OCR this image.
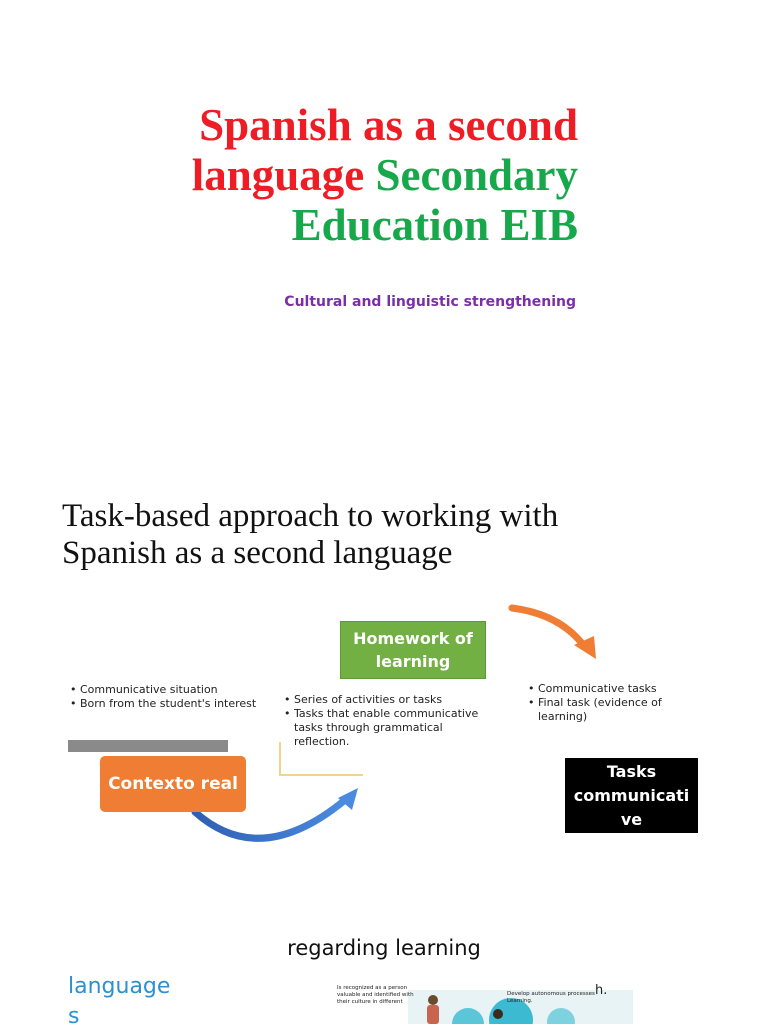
Spanish as a second
language Secondary
Education EIB
Cultural and linguistic strengthening
Task-based approach to working with
Spanish as a second language
• Communicative situation
• Born from the student's interest
Contexto real
Homework of learning
• Series of activities or tasks
• Tasks that enable communicative tasks through grammatical reflection.
• Communicative tasks
• Final task (evidence of learning)
Tasks
communicati
ve
regarding learning
language
s
Is recognized as a person valuable and identified with their culture in different
Develop autonomous processes
Learning.
h.
